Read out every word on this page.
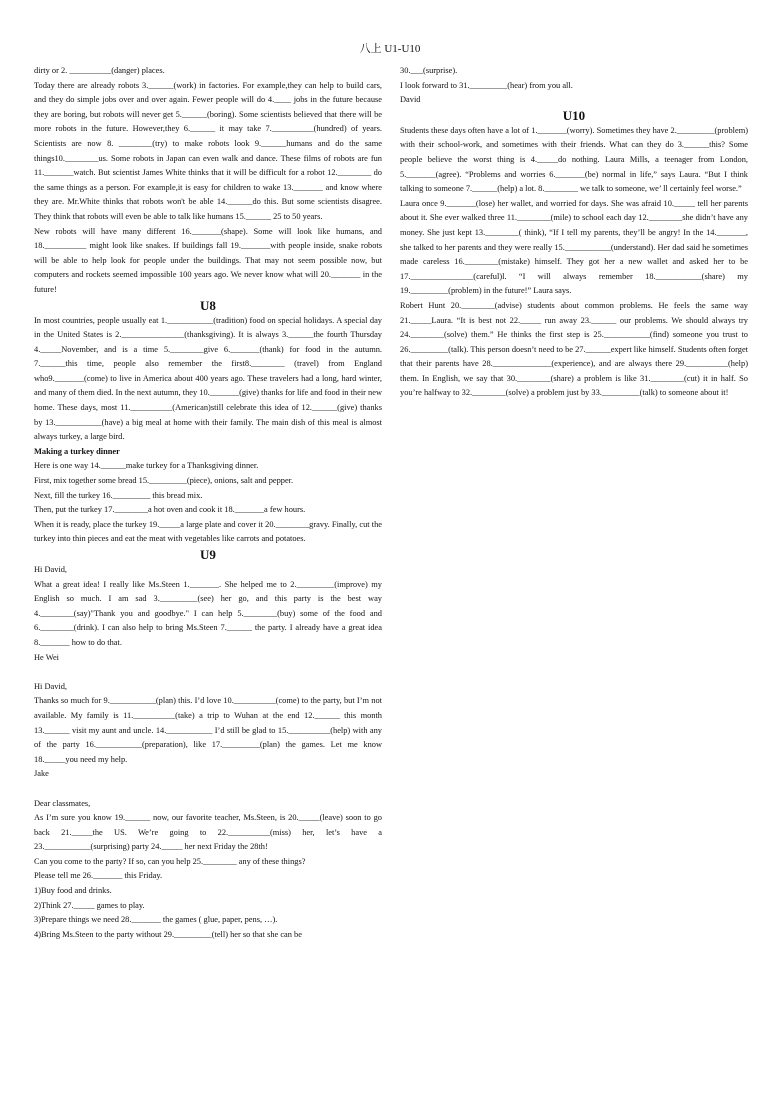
八上 U1-U10

dirty or 2. __________(danger) places.

Today there are already robots 3.______(work) in factories. For example,they can help to build cars, and they do simple jobs over and over again. Fewer people will do 4.____ jobs in the future because they are boring, but robots will never get 5.______(boring). Some scientists believed that there will be more robots in the future. However,they 6.______ it may take 7.__________(hundred) of years. Scientists are now 8. ________(try) to make robots look 9.______humans and do the same things10.________us. Some robots in Japan can even walk and dance. These films of robots are fun 11._______watch. But scientist James White thinks that it will be difficult for a robot 12.________ do the same things as a person. For example,it is easy for children to wake 13._______ and know where they are. Mr.White thinks that robots won't be able 14.______do this. But some scientists disagree. They think that robots will even be able to talk like humans 15.______ 25 to 50 years.

New robots will have many different 16._______(shape). Some will look like humans, and 18.__________ might look like snakes. If buildings fall 19._______with people inside, snake robots will be able to help look for people under the buildings. That may not seem possible now, but computers and rockets seemed impossible 100 years ago. We never know what will 20._______ in the future!

U8

In most countries, people usually eat 1.___________(tradition) food on special holidays. A special day in the United States is 2._______________(thanksgiving). It is always 3.______the fourth Thursday 4._____November, and is a time 5.________give 6._______(thank) for food in the autumn. 7.______this time, people also remember the first8.________ (travel) from England who9._______(come) to live in America about 400 years ago. These travelers had a long, hard winter, and many of them died. In the next autumn, they 10._______(give) thanks for life and food in their new home. These days, most 11.__________(American)still celebrate this idea of 12.______(give) thanks by 13.___________(have) a big meal at home with their family. The main dish of this meal is almost always turkey, a large bird.

Making a turkey dinner

Here is one way 14.______make turkey for a Thanksgiving dinner.

First, mix together some bread 15._________(piece), onions, salt and pepper.

Next, fill the turkey 16._________ this bread mix.

Then, put the turkey 17.________a hot oven and cook it 18._______a few hours.

When it is ready, place the turkey 19._____a large plate and cover it 20.________gravy. Finally, cut the turkey into thin pieces and eat the meat with vegetables like carrots and potatoes.

U9

Hi David,

What a great idea! I really like Ms.Steen 1._______. She helped me to 2._________(improve) my English so much. I am sad 3._________(see) her go, and this party is the best way 4.________(say)"Thank you and goodbye." I can help 5.________(buy) some of the food and 6.________(drink). I can also help to bring Ms.Steen 7.______ the party. I already have a great idea 8._______ how to do that.

He Wei

Hi David,

Thanks so much for 9.___________(plan) this. I’d love 10.__________(come) to the party, but I’m not available. My family is 11.__________(take) a trip to Wuhan at the end 12.______ this month 13.______ visit my aunt and uncle. 14.___________ I’d still be glad to 15.__________(help) with any of the party 16.___________(preparation), like 17._________(plan) the games. Let me know 18._____you need my help.

Jake

Dear classmates,

As I’m sure you know 19.______ now, our favorite teacher, Ms.Steen, is 20._____(leave) soon to go back 21._____the US. We’re going to 22.__________(miss) her, let’s have a 23.___________(surprising) party 24._____ her next Friday the 28th!

Can you come to the party? If so, can you help 25.________ any of these things?

Please tell me 26._______ this Friday.

1)Buy food and drinks.

2)Think 27._____ games to play.

3)Prepare things we need 28._______ the games ( glue, paper, pens, …).

4)Bring Ms.Steen to the party without 29._________(tell) her so that she can be

30.___(surprise).

I look forward to 31._________(hear) from you all.

David

U10

Students these days often have a lot of 1._______(worry). Sometimes they have 2._________(problem) with their school-work, and sometimes with their friends. What can they do 3.______this? Some people believe the worst thing is 4._____do nothing. Laura Mills, a teenager from London, 5._______(agree). “Problems and worries 6._______(be) normal in life,” says Laura. “But I think talking to someone 7.______(help) a lot. 8.________ we talk to someone, we’ ll certainly feel worse.”

Laura once 9._______(lose) her wallet, and worried for days. She was afraid 10._____ tell her parents about it. She ever walked three 11.________(mile) to school each day 12.________she didn’t have any money. She just kept 13.________( think), “If I tell my parents, they’ll be angry! In the 14._______, she talked to her parents and they were really 15.___________(understand). Her dad said he sometimes made careless 16.________(mistake) himself. They got her a new wallet and asked her to be 17._______________(careful)l. “I will always remember 18.___________(share) my 19._________(problem) in the future!” Laura says.

Robert Hunt 20.________(advise) students about common problems. He feels the same way 21._____Laura. “It is best not 22._____ run away 23.______ our problems. We should always try 24.________(solve) them.” He thinks the first step is 25.___________(find) someone you trust to 26._________(talk). This person doesn’t need to be 27.______expert like himself. Students often forget that their parents have 28.______________(experience), and are always there 29.__________(help) them. In English, we say that 30.________(share) a problem is like 31.________(cut) it in half. So you’re halfway to 32.________(solve) a problem just by 33._________(talk) to someone about it!
